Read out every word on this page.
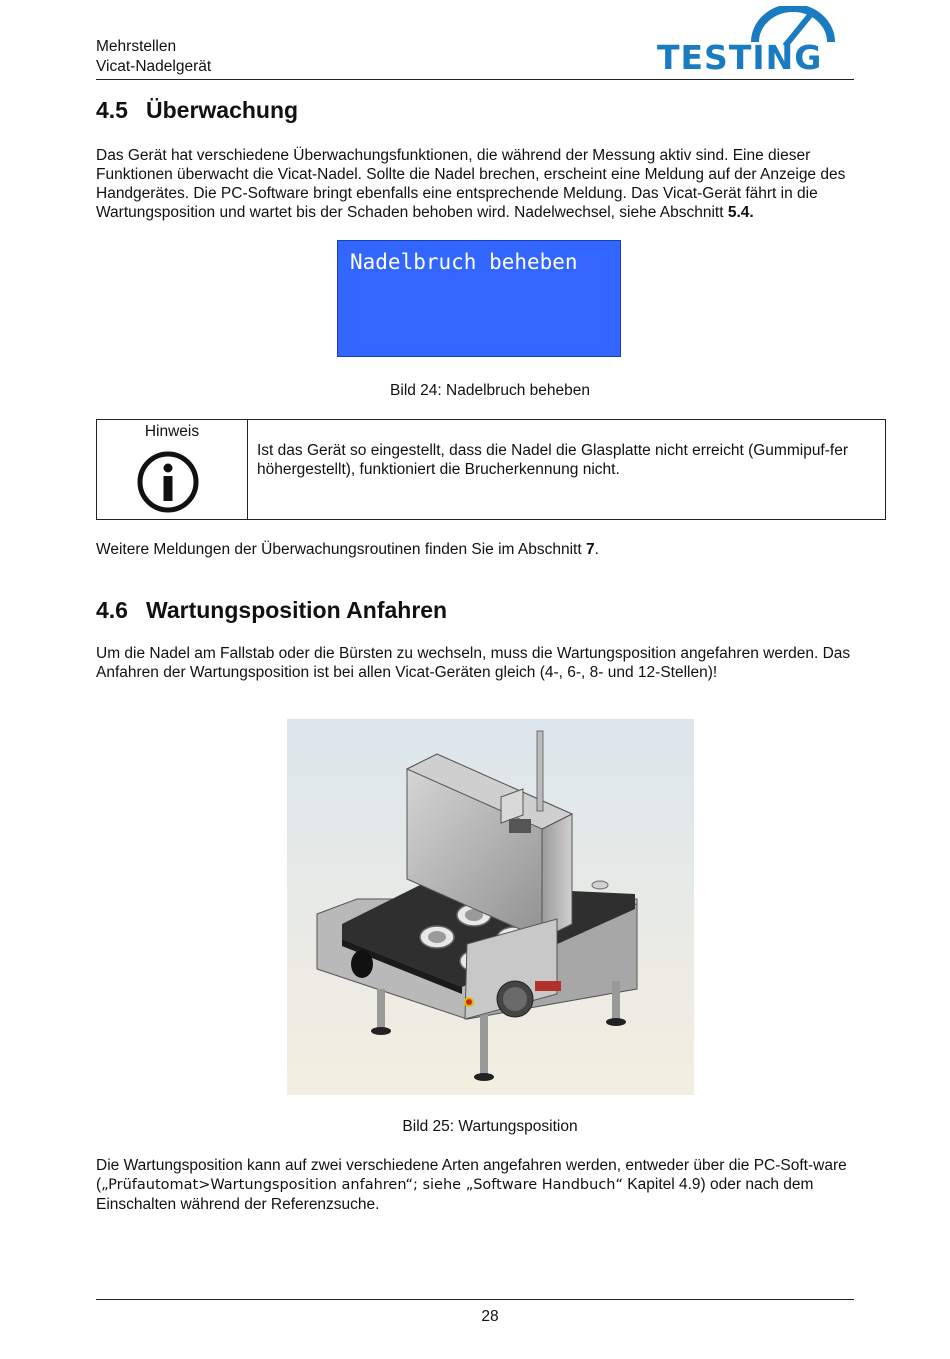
Mehrstellen
Vicat-Nadelgerät	TESTING
4.5 Überwachung

Das Gerät hat verschiedene Überwachungsfunktionen, die während der Messung aktiv sind. Eine dieser Funktionen überwacht die Vicat-Nadel. Sollte die Nadel brechen, erscheint eine Meldung auf der Anzeige des Handgerätes. Die PC-Software bringt ebenfalls eine entsprechende Meldung. Das Vicat-Gerät fährt in die Wartungsposition und wartet bis der Schaden behoben wird. Nadelwechsel, siehe Abschnitt 5.4.

Nadelbruch beheben
Bild 24: Nadelbruch beheben
Hinweis
Ist das Gerät so eingestellt, dass die Nadel die Glasplatte nicht erreicht (Gummipuf-fer höhergestellt), funktioniert die Brucherkennung nicht.

Weitere Meldungen der Überwachungsroutinen finden Sie im Abschnitt 7.

4.6 Wartungsposition Anfahren

Um die Nadel am Fallstab oder die Bürsten zu wechseln, muss die Wartungsposition angefahren werden. Das Anfahren der Wartungsposition ist bei allen Vicat-Geräten gleich (4-, 6-, 8- und 12-Stellen)!

Bild 25: Wartungsposition

Die Wartungsposition kann auf zwei verschiedene Arten angefahren werden, entweder über die PC-Soft-ware („Prüfautomat>Wartungsposition anfahren“; siehe „Software Handbuch“ Kapitel 4.9) oder nach dem Einschalten während der Referenzsuche.

28
